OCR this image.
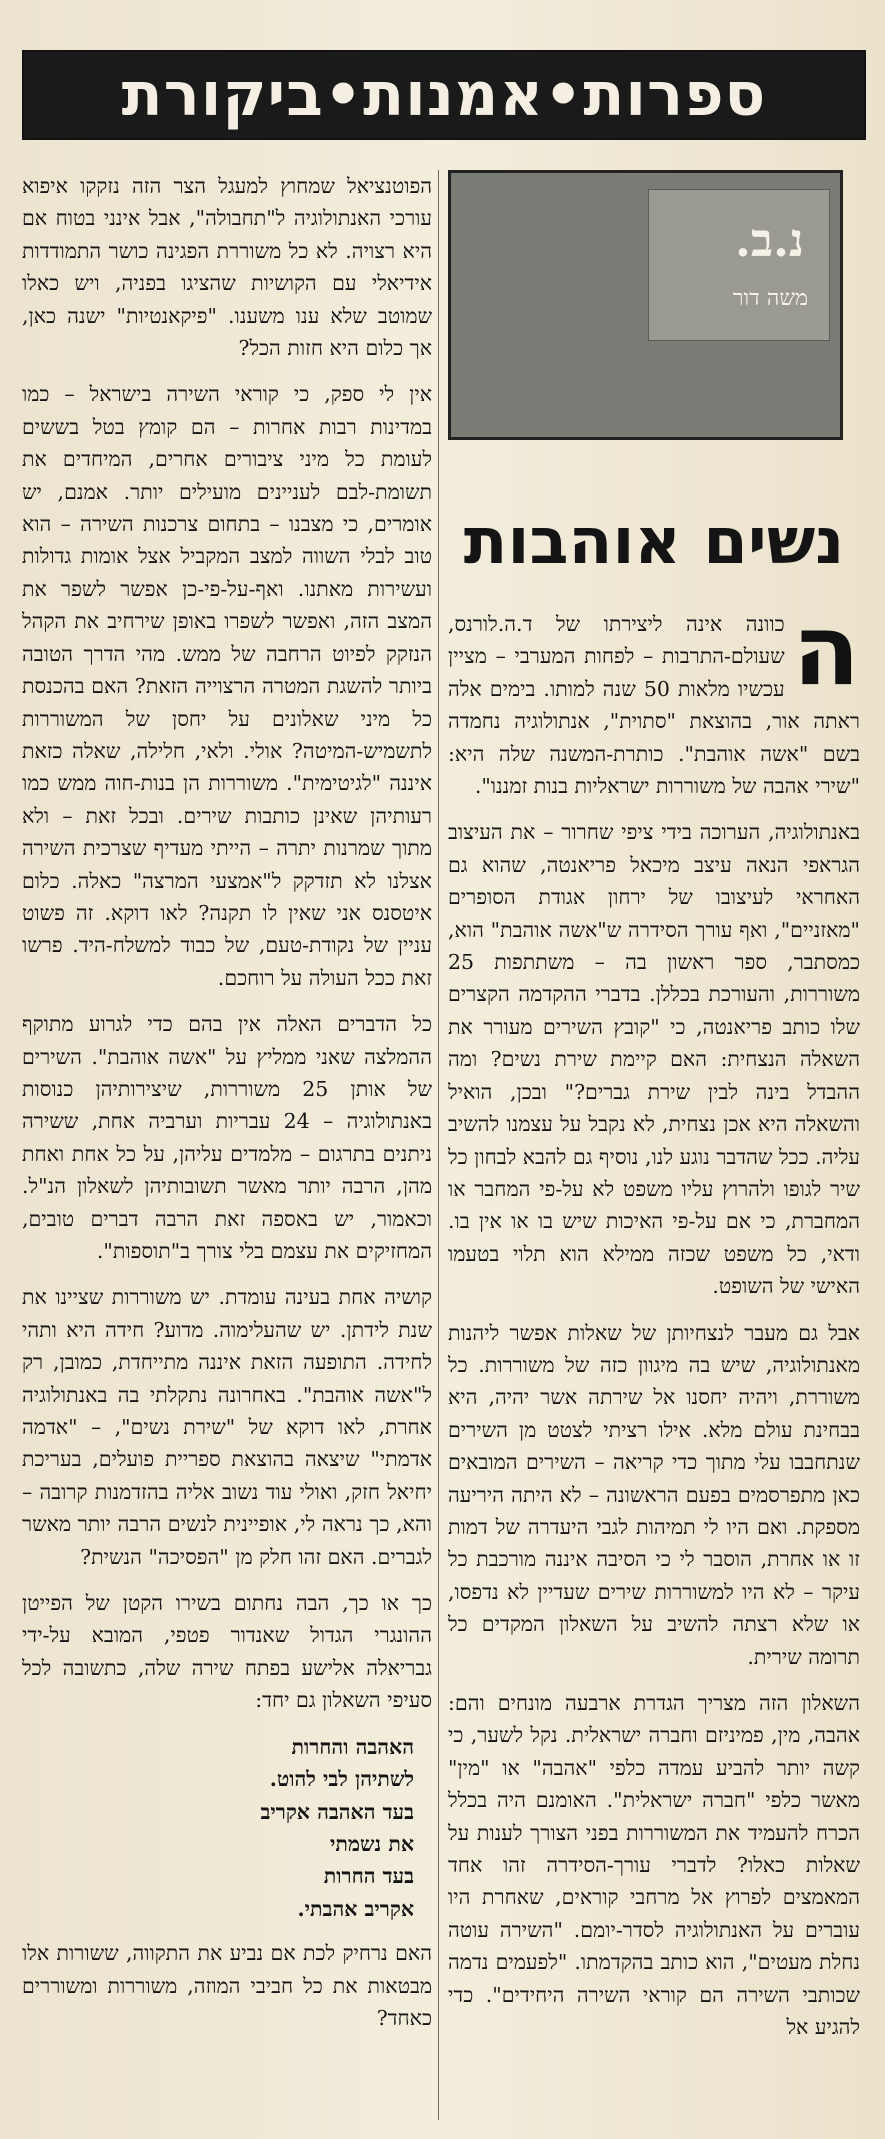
ספרות•אמנות•ביקורת
נ.ב.
משה דור
נשים אוהבות

ה
כוונה אינה ליצירתו של ד.ה.לורנס, שעולם-התרבות – לפחות המערבי – מציין עכשיו מלאות 50 שנה למותו. בימים אלה ראתה אור, בהוצאת "סתוית", אנתולוגיה נחמדה בשם "אשה אוהבת". כותרת-המשנה שלה היא: "שירי אהבה של משוררות ישראליות בנות זמננו".

באנתולוגיה, הערוכה בידי ציפי שחרור – את העיצוב הגראפי הנאה עיצב מיכאל פריאנטה, שהוא גם האחראי לעיצובו של ירחון אגודת הסופרים "מאזניים", ואף עורך הסידרה ש"אשה אוהבת" הוא, כמסתבר, ספר ראשון בה – משתתפות 25 משוררות, והעורכת בכללן. בדברי ההקדמה הקצרים שלו כותב פריאנטה, כי "קובץ השירים מעורר את השאלה הנצחית: האם קיימת שירת נשים? ומה ההבדל בינה לבין שירת גברים?" ובכן, הואיל והשאלה היא אכן נצחית, לא נקבל על עצמנו להשיב עליה. ככל שהדבר נוגע לנו, נוסיף גם להבא לבחון כל שיר לגופו ולהרוץ עליו משפט לא על-פי המחבר או המחברת, כי אם על-פי האיכות שיש בו או אין בו. ודאי, כל משפט שכזה ממילא הוא תלוי בטעמו האישי של השופט.

אבל גם מעבר לנצחיותן של שאלות אפשר ליהנות מאנתולוגיה, שיש בה מיגוון כזה של משוררות. כל משוררת, ויהיה יחסנו אל שירתה אשר יהיה, היא בבחינת עולם מלא. אילו רציתי לצטט מן השירים שנתחבבו עלי מתוך כדי קריאה – השירים המובאים כאן מתפרסמים בפעם הראשונה – לא היתה היריעה מספקת. ואם היו לי תמיהות לגבי היעדרה של דמות זו או אחרת, הוסבר לי כי הסיבה איננה מורכבת כל עיקר – לא היו למשוררות שירים שעדיין לא נדפסו, או שלא רצתה להשיב על השאלון המקדים כל תרומה שירית.

השאלון הזה מצריך הגדרת ארבעה מונחים והם: אהבה, מין, פמיניזם וחברה ישראלית. נקל לשער, כי קשה יותר להביע עמדה כלפי "אהבה" או "מין" מאשר כלפי "חברה ישראלית". האומנם היה בכלל הכרח להעמיד את המשוררות בפני הצורך לענות על שאלות כאלו? לדברי עורך-הסידרה זהו אחד המאמצים לפרוץ אל מרחבי קוראים, שאחרת היו עוברים על האנתולוגיה לסדר-יומם. "השירה עוטה נחלת מעטים", הוא כותב בהקדמתו. "לפעמים נדמה שכותבי השירה הם קוראי השירה היחידים". כדי להגיע אל

הפוטנציאל שמחוץ למעגל הצר הזה נזקקו איפוא עורכי האנתולוגיה ל"תחבולה", אבל אינני בטוח אם היא רצויה. לא כל משוררת הפגינה כושר התמודדות אידיאלי עם הקושיות שהציגו בפניה, ויש כאלו שמוטב שלא ענו משענו. "פיקאנטיות" ישנה כאן, אך כלום היא חזות הכל?

אין לי ספק, כי קוראי השירה בישראל – כמו במדינות רבות אחרות – הם קומץ בטל בששים לעומת כל מיני ציבורים אחרים, המיחדים את תשומת-לבם לעניינים מועילים יותר. אמנם, יש אומרים, כי מצבנו – בתחום צרכנות השירה – הוא טוב לבלי השווה למצב המקביל אצל אומות גדולות ועשירות מאתנו. ואף-על-פי-כן אפשר לשפר את המצב הזה, ואפשר לשפרו באופן שירחיב את הקהל הנזקק לפיוט הרחבה של ממש. מהי הדרך הטובה ביותר להשגת המטרה הרצוייה הזאת? האם בהכנסת כל מיני שאלונים על יחסן של המשוררות לתשמיש-המיטה? אולי. ולאי, חלילה, שאלה כזאת איננה "לגיטימית". משוררות הן בנות-חוה ממש כמו רעותיהן שאינן כותבות שירים. ובכל זאת – ולא מתוך שמרנות יתרה – הייתי מעדיף שצרכית השירה אצלנו לא תזדקק ל"אמצעי המרצה" כאלה. כלום איטסנס אני שאין לו תקנה? לאו דוקא. זה פשוט עניין של נקודת-טעם, של כבוד למשלח-היד. פרשו זאת ככל העולה על רוחכם.

כל הדברים האלה אין בהם כדי לגרוע מתוקף ההמלצה שאני ממליץ על "אשה אוהבת". השירים של אותן 25 משוררות, שיצירותיהן כנוסות באנתולוגיה – 24 עבריות וערביה אחת, ששירה ניתנים בתרגום – מלמדים עליהן, על כל אחת ואחת מהן, הרבה יותר מאשר תשובותיהן לשאלון הנ"ל. וכאמור, יש באספה זאת הרבה דברים טובים, המחזיקים את עצמם בלי צורך ב"תוספות".

קושיה אחת בעינה עומדת. יש משוררות שציינו את שנת לידתן. יש שהעלימוה. מדוע? חידה היא ותהי לחידה. התופעה הזאת איננה מתייחדת, כמובן, רק ל"אשה אוהבת". באחרונה נתקלתי בה באנתולוגיה אחרת, לאו דוקא של "שירת נשים", – "אדמה אדמתי" שיצאה בהוצאת ספריית פועלים, בעריכת יחיאל חזק, ואולי עוד נשוב אליה בהזדמנות קרובה – והא, כך נראה לי, אופיינית לנשים הרבה יותר מאשר לגברים. האם זהו חלק מן "הפסיכה" הנשית?

כך או כך, הבה נחתום בשירו הקטן של הפייטן ההונגרי הגדול שאנדור פטפי, המובא על-ידי גבריאלה אלישע בפתח שירה שלה, כתשובה לכל סעיפי השאלון גם יחד:

האהבה והחרות
לשתיהן לבי להוט.
בעד האהבה אקריב
את נשמתי
בעד החרות
אקריב אהבתי.

האם נרחיק לכת אם נביע את התקווה, ששורות אלו מבטאות את כל חביבי המוזה, משוררות ומשוררים כאחד?
